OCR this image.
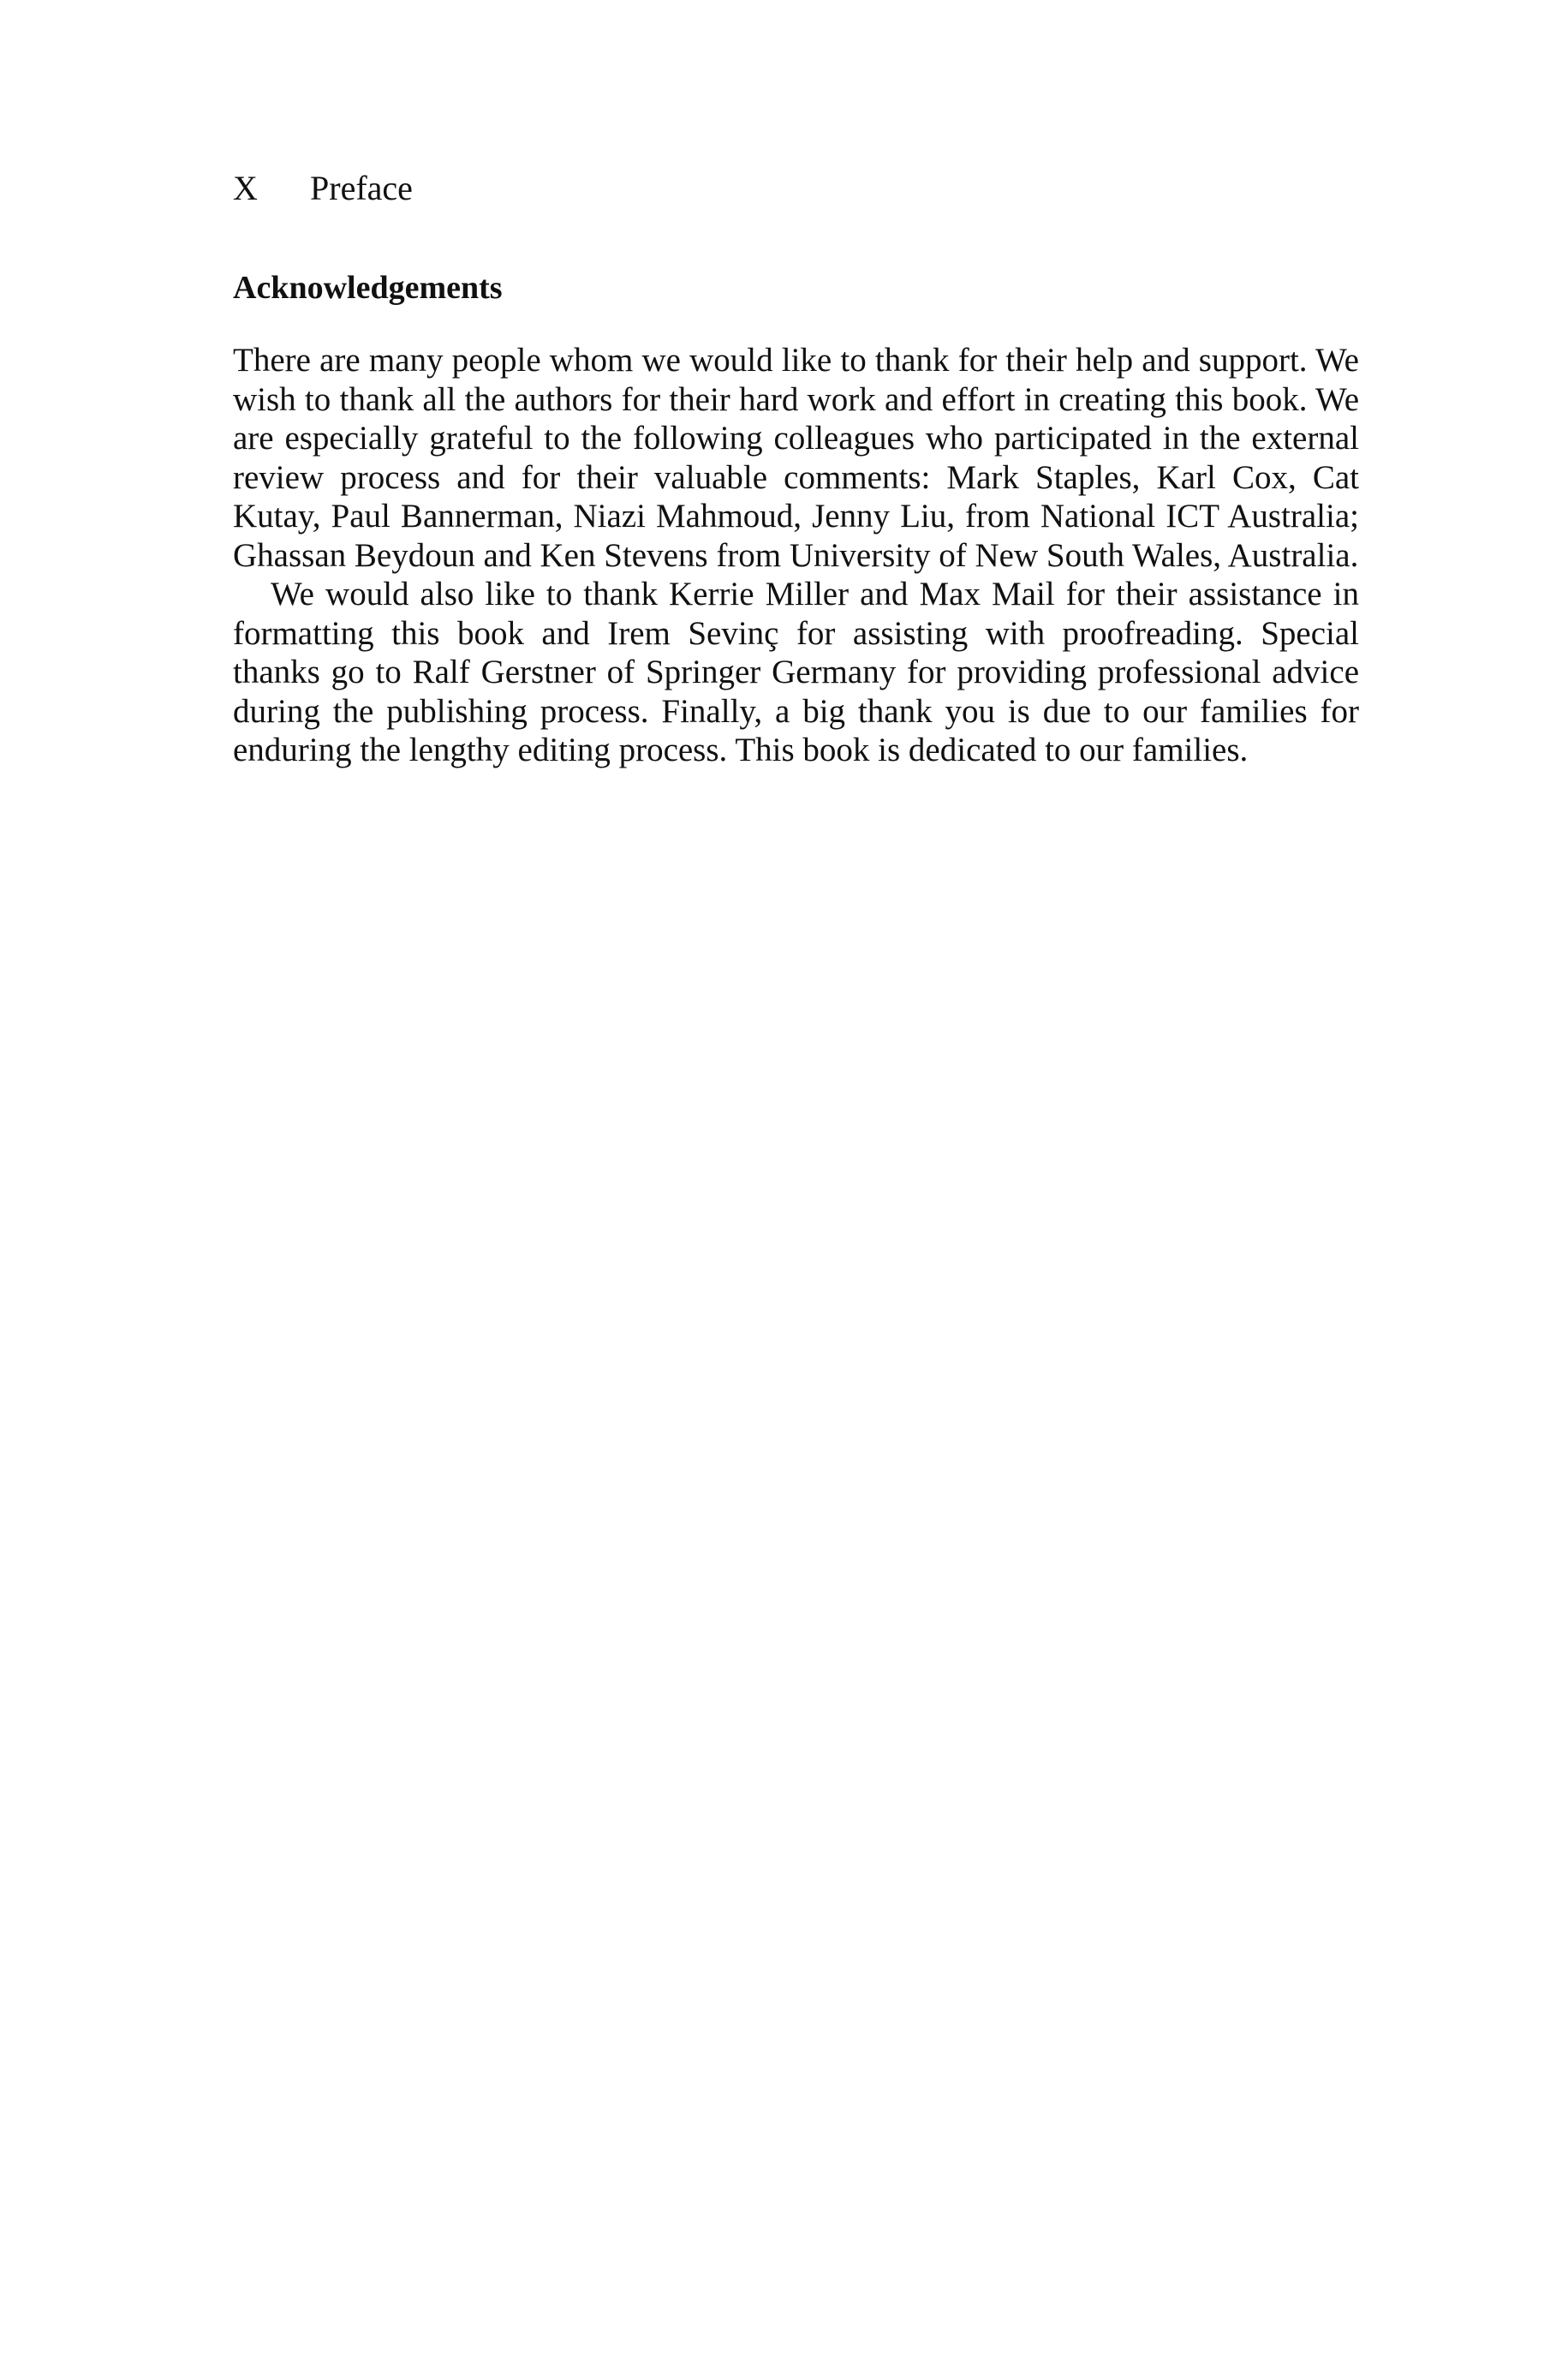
X Preface
Acknowledgements

There are many people whom we would like to thank for their help and support. We wish to thank all the authors for their hard work and effort in creating this book. We are especially grateful to the following colleagues who participated in the external review process and for their valuable comments: Mark Staples, Karl Cox, Cat Kutay, Paul Bannerman, Niazi Mahmoud, Jenny Liu, from National ICT Australia; Ghassan Beydoun and Ken Stevens from University of New South Wales, Australia.

We would also like to thank Kerrie Miller and Max Mail for their assistance in formatting this book and Irem Sevinç for assisting with proofreading. Special thanks go to Ralf Gerstner of Springer Germany for providing professional advice during the publishing process. Finally, a big thank you is due to our families for enduring the lengthy editing process. This book is dedicated to our families.
